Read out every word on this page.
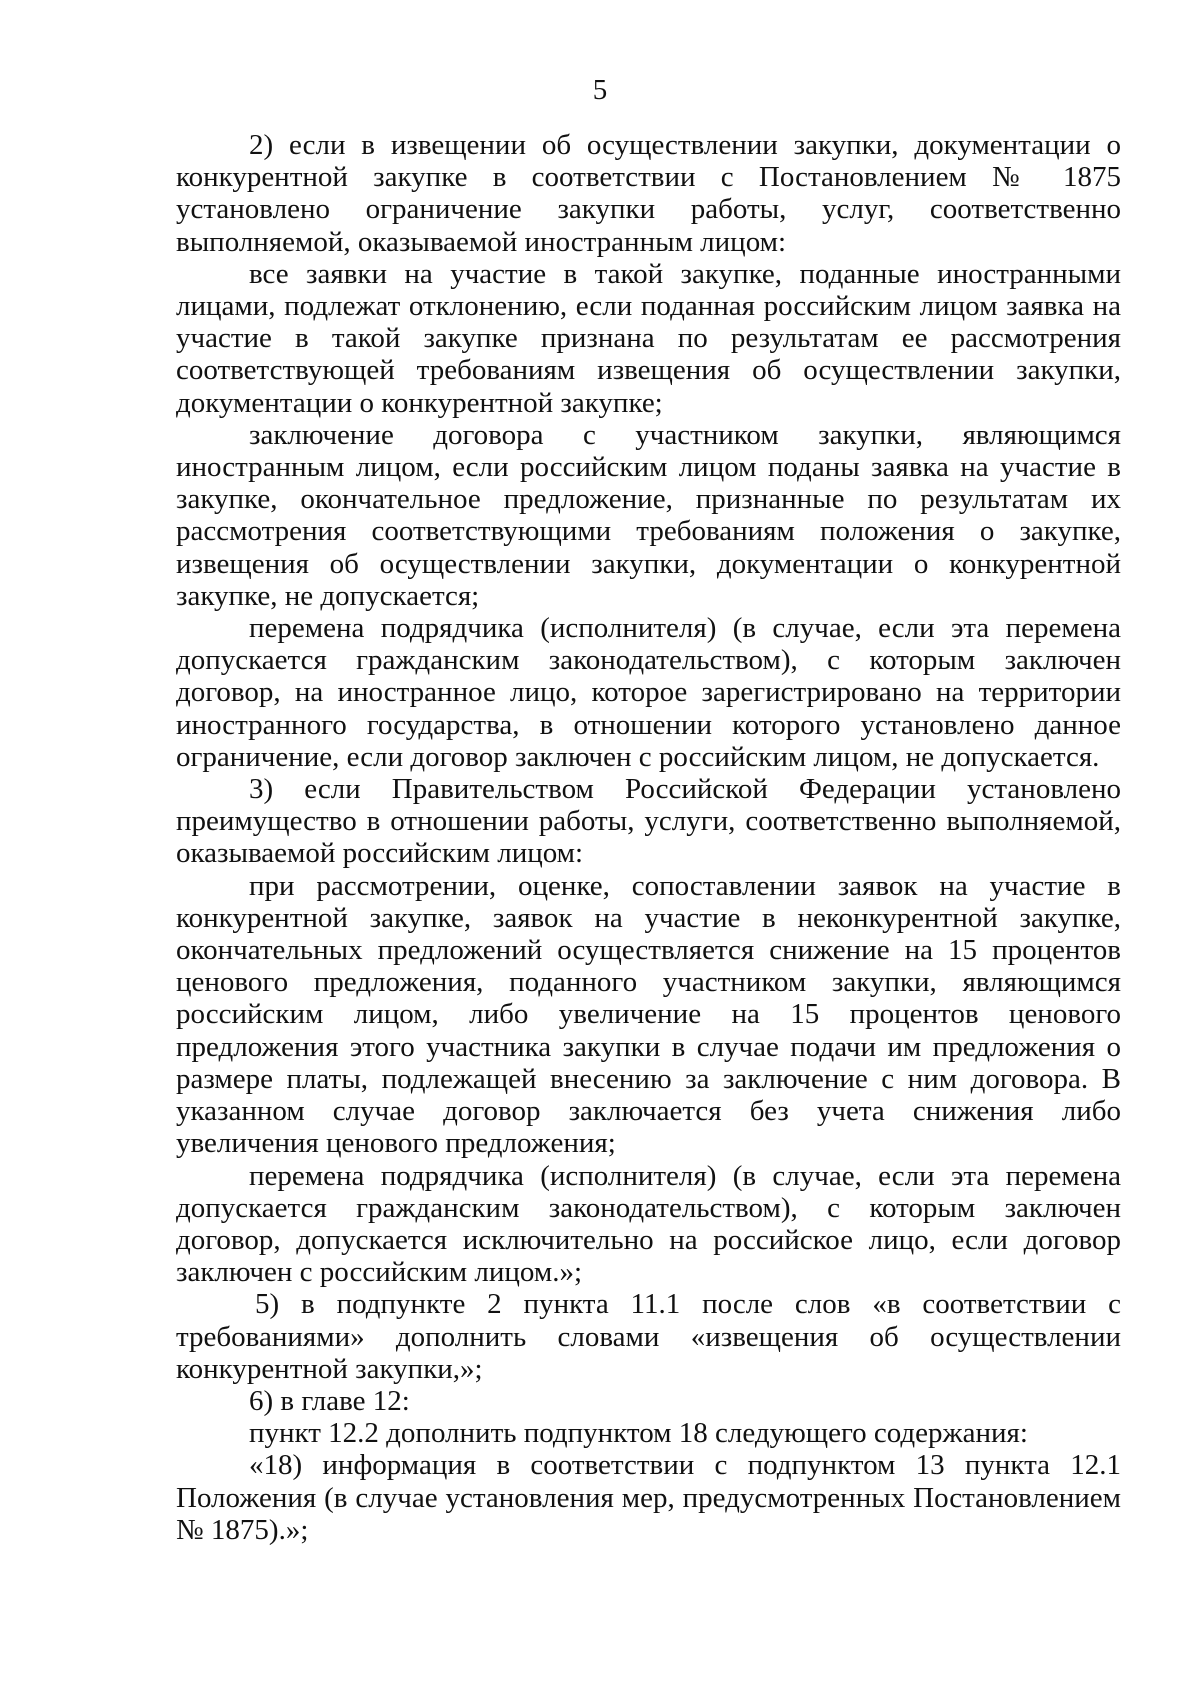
5

2) если в извещении об осуществлении закупки, документации о конкурентной закупке в соответствии с Постановлением № 1875 установлено ограничение закупки работы, услуг, соответственно выполняемой, оказываемой иностранным лицом:

все заявки на участие в такой закупке, поданные иностранными лицами, подлежат отклонению, если поданная российским лицом заявка на участие в такой закупке признана по результатам ее рассмотрения соответствующей требованиям извещения об осуществлении закупки, документации о конкурентной закупке;

заключение договора с участником закупки, являющимся иностранным лицом, если российским лицом поданы заявка на участие в закупке, окончательное предложение, признанные по результатам их рассмотрения соответствующими требованиям положения о закупке, извещения об осуществлении закупки, документации о конкурентной закупке, не допускается;

перемена подрядчика (исполнителя) (в случае, если эта перемена допускается гражданским законодательством), с которым заключен договор, на иностранное лицо, которое зарегистрировано на территории иностранного государства, в отношении которого установлено данное ограничение, если договор заключен с российским лицом, не допускается.

3) если Правительством Российской Федерации установлено преимущество в отношении работы, услуги, соответственно выполняемой, оказываемой российским лицом:

при рассмотрении, оценке, сопоставлении заявок на участие в конкурентной закупке, заявок на участие в неконкурентной закупке, окончательных предложений осуществляется снижение на 15 процентов ценового предложения, поданного участником закупки, являющимся российским лицом, либо увеличение на 15 процентов ценового предложения этого участника закупки в случае подачи им предложения о размере платы, подлежащей внесению за заключение с ним договора. В указанном случае договор заключается без учета снижения либо увеличения ценового предложения;

перемена подрядчика (исполнителя) (в случае, если эта перемена допускается гражданским законодательством), с которым заключен договор, допускается исключительно на российское лицо, если договор заключен с российским лицом.»;

5) в подпункте 2 пункта 11.1 после слов «в соответствии с требованиями» дополнить словами «извещения об осуществлении конкурентной закупки,»;

6) в главе 12:

пункт 12.2 дополнить подпунктом 18 следующего содержания:

«18) информация в соответствии с подпунктом 13 пункта 12.1 Положения (в случае установления мер, предусмотренных Постановлением № 1875).»;
